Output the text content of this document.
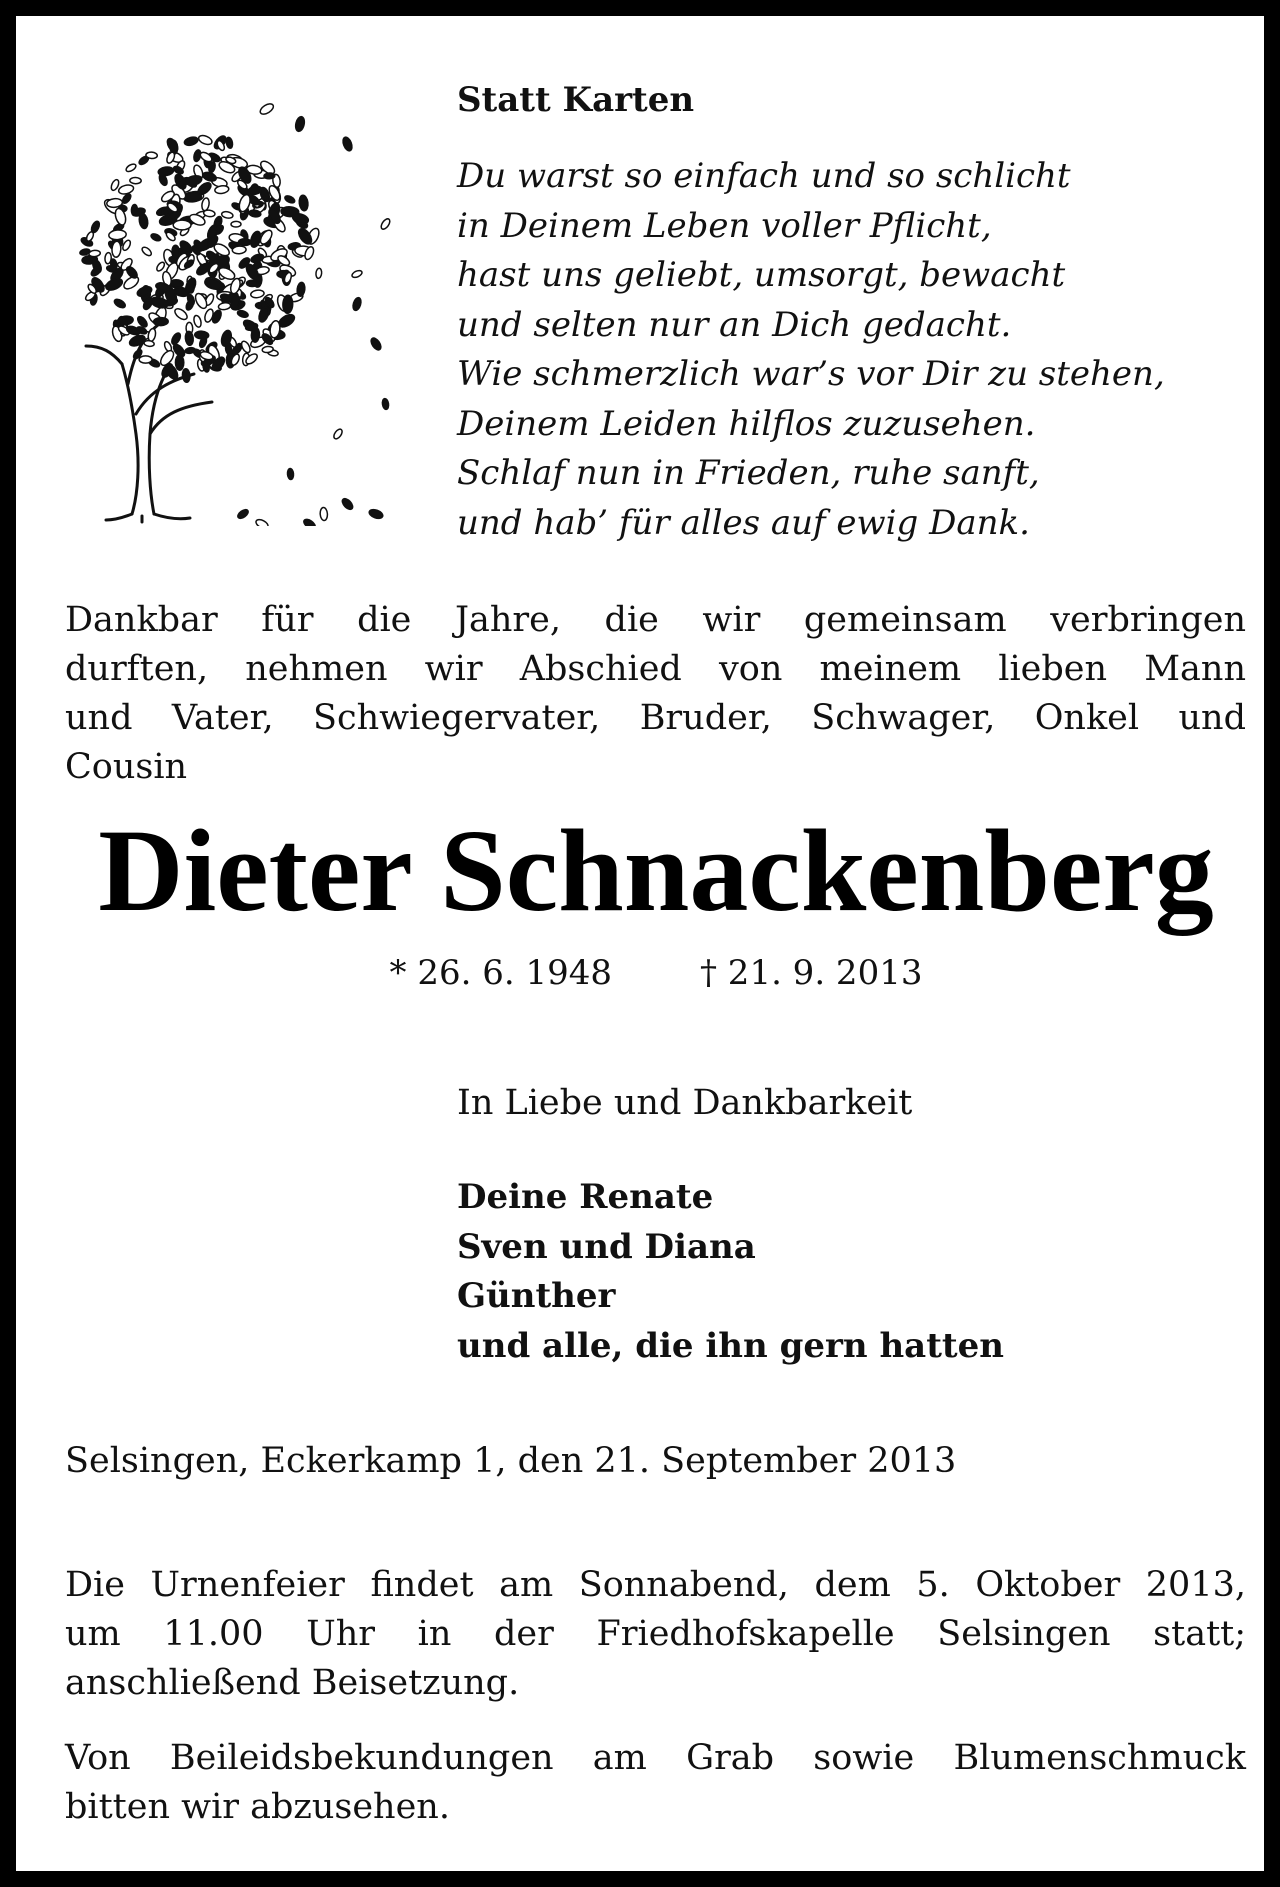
Statt Karten
Du warst so einfach und so schlicht
in Deinem Leben voller Pflicht,
hast uns geliebt, umsorgt, bewacht
und selten nur an Dich gedacht.
Wie schmerzlich war’s vor Dir zu stehen,
Deinem Leiden hilflos zuzusehen.
Schlaf nun in Frieden, ruhe sanft,
und hab’ für alles auf ewig Dank.
Dankbar für die Jahre, die wir gemeinsam verbringen
durften, nehmen wir Abschied von meinem lieben Mann
und Vater, Schwiegervater, Bruder, Schwager, Onkel und
Cousin
Dieter Schnackenberg
* 26. 6. 1948	† 21. 9. 2013
In Liebe und Dankbarkeit
Deine Renate
Sven und Diana
Günther
und alle, die ihn gern hatten
Selsingen, Eckerkamp 1, den 21. September 2013
Die Urnenfeier findet am Sonnabend, dem 5. Oktober 2013,
um 11.00 Uhr in der Friedhofskapelle Selsingen statt;
anschließend Beisetzung.
Von Beileidsbekundungen am Grab sowie Blumenschmuck
bitten wir abzusehen.
